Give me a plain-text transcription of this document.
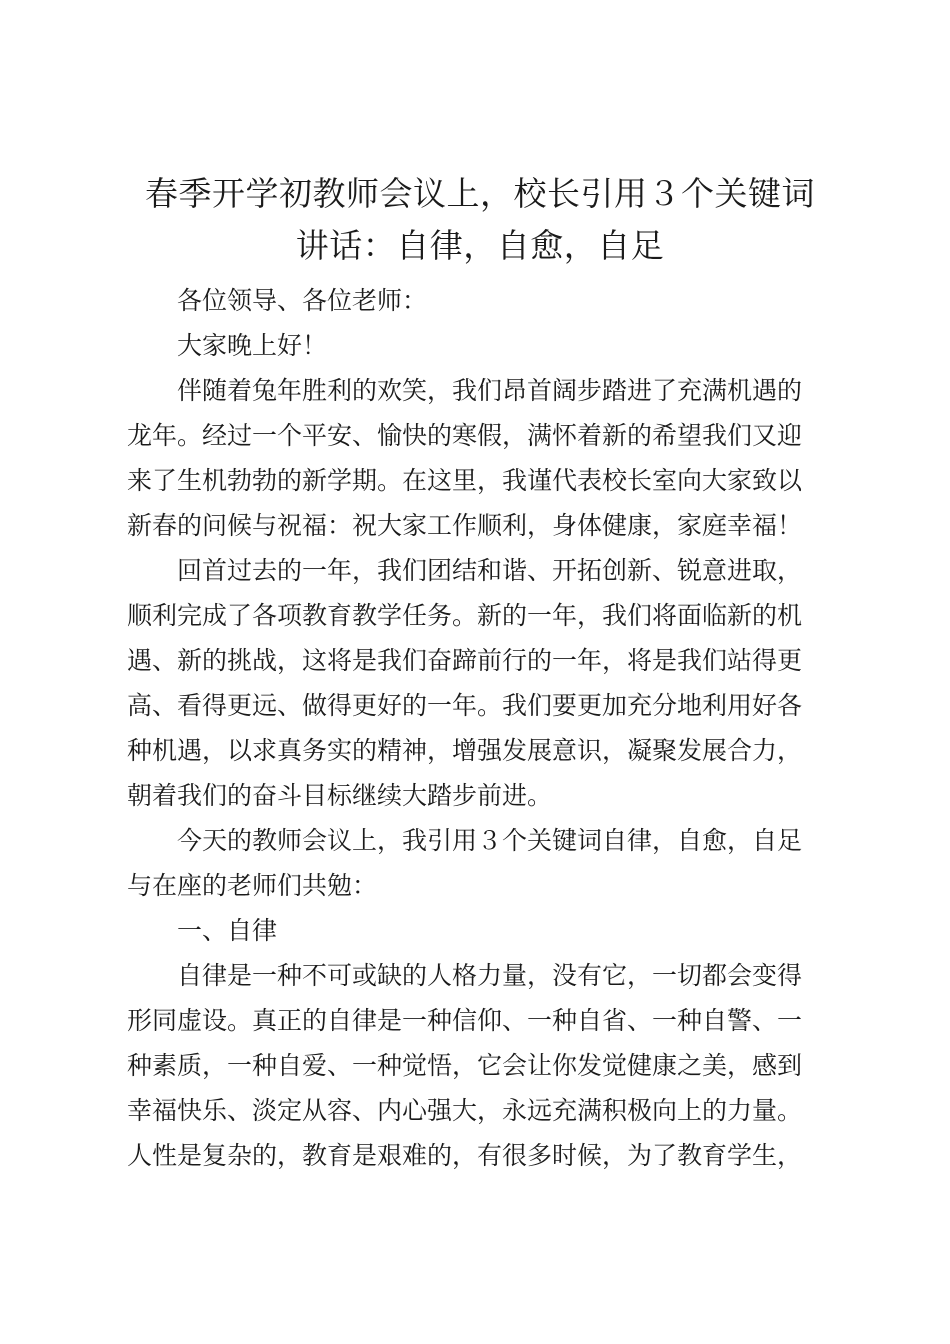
春季开学初教师会议上，校长引用３个关键词
讲话：自律，自愈，自足

各位领导、各位老师：

大家晚上好！

伴随着兔年胜利的欢笑，我们昂首阔步踏进了充满机遇的
龙年。经过一个平安、愉快的寒假，满怀着新的希望我们又迎
来了生机勃勃的新学期。在这里，我谨代表校长室向大家致以
新春的问候与祝福：祝大家工作顺利，身体健康，家庭幸福！

回首过去的一年，我们团结和谐、开拓创新、锐意进取，
顺利完成了各项教育教学任务。新的一年，我们将面临新的机
遇、新的挑战，这将是我们奋蹄前行的一年，将是我们站得更
高、看得更远、做得更好的一年。我们要更加充分地利用好各
种机遇，以求真务实的精神，增强发展意识，凝聚发展合力，
朝着我们的奋斗目标继续大踏步前进。

今天的教师会议上，我引用３个关键词自律，自愈，自足
与在座的老师们共勉：

一、自律

自律是一种不可或缺的人格力量，没有它，一切都会变得
形同虚设。真正的自律是一种信仰、一种自省、一种自警、一
种素质，一种自爱、一种觉悟，它会让你发觉健康之美，感到
幸福快乐、淡定从容、内心强大，永远充满积极向上的力量。
人性是复杂的，教育是艰难的，有很多时候，为了教育学生，
